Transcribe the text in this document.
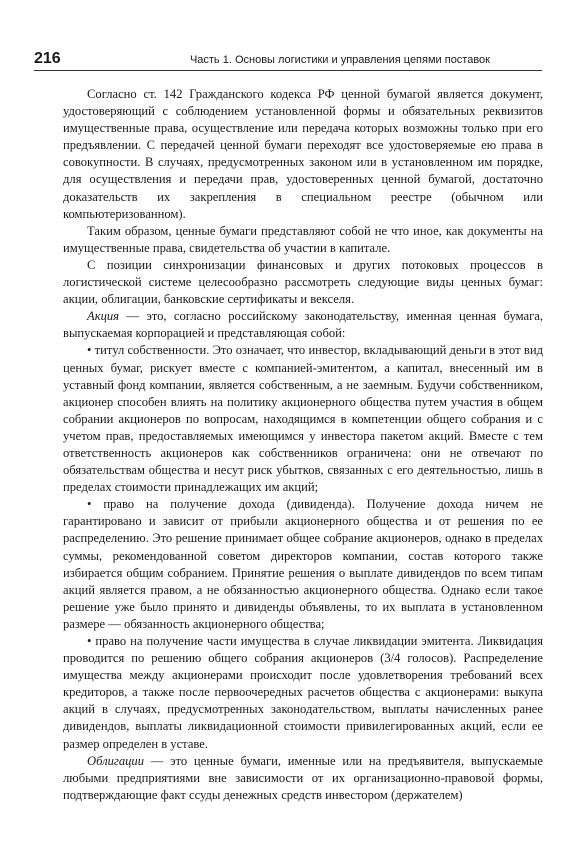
216	Часть 1. Основы логистики и управления цепями поставок

Согласно ст. 142 Гражданского кодекса РФ ценной бумагой является документ, удостоверяющий с соблюдением установленной формы и обязательных реквизитов имущественные права, осуществление или передача которых возможны только при его предъявлении. С передачей ценной бумаги переходят все удостоверяемые ею права в совокупности. В случаях, предусмотренных законом или в установленном им порядке, для осуществления и передачи прав, удостоверенных ценной бумагой, достаточно доказательств их закрепления в специальном реестре (обычном или компьютеризованном).

Таким образом, ценные бумаги представляют собой не что иное, как документы на имущественные права, свидетельства об участии в капитале.

С позиции синхронизации финансовых и других потоковых процессов в логистической системе целесообразно рассмотреть следующие виды ценных бумаг: акции, облигации, банковские сертификаты и векселя.

Акция — это, согласно российскому законодательству, именная ценная бумага, выпускаемая корпорацией и представляющая собой:

• титул собственности. Это означает, что инвестор, вкладывающий деньги в этот вид ценных бумаг, рискует вместе с компанией-эмитентом, а капитал, внесенный им в уставный фонд компании, является собственным, а не заемным. Будучи собственником, акционер способен влиять на политику акционерного общества путем участия в общем собрании акционеров по вопросам, находящимся в компетенции общего собрания и с учетом прав, предоставляемых имеющимся у инвестора пакетом акций. Вместе с тем ответственность акционеров как собственников ограничена: они не отвечают по обязательствам общества и несут риск убытков, связанных с его деятельностью, лишь в пределах стоимости принадлежащих им акций;

• право на получение дохода (дивиденда). Получение дохода ничем не гарантировано и зависит от прибыли акционерного общества и от решения по ее распределению. Это решение принимает общее собрание акционеров, однако в пределах суммы, рекомендованной советом директоров компании, состав которого также избирается общим собранием. Принятие решения о выплате дивидендов по всем типам акций является правом, а не обязанностью акционерного общества. Однако если такое решение уже было принято и дивиденды объявлены, то их выплата в установленном размере — обязанность акционерного общества;

• право на получение части имущества в случае ликвидации эмитента. Ликвидация проводится по решению общего собрания акционеров (3/4 голосов). Распределение имущества между акционерами происходит после удовлетворения требований всех кредиторов, а также после первоочередных расчетов общества с акционерами: выкупа акций в случаях, предусмотренных законодательством, выплаты начисленных ранее дивидендов, выплаты ликвидационной стоимости привилегированных акций, если ее размер определен в уставе.

Облигации — это ценные бумаги, именные или на предъявителя, выпускаемые любыми предприятиями вне зависимости от их организационно-правовой формы, подтверждающие факт ссуды денежных средств инвестором (держателем)
